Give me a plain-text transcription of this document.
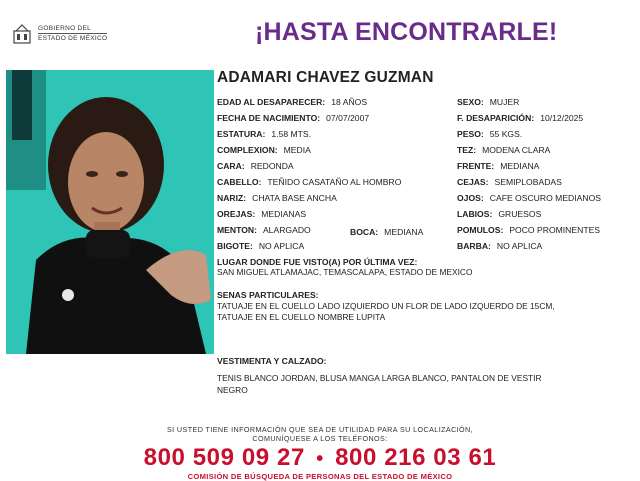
GOBIERNO DEL
ESTADO DE MÉXICO	¡HASTA ENCONTRARLE!
ADAMARI CHAVEZ GUZMAN
EDAD AL DESAPARECER: 18 AÑOS
FECHA DE NACIMIENTO: 07/07/2007
ESTATURA: 1.58 MTS.
COMPLEXION: MEDIA
CARA: REDONDA
CABELLO: TEÑIDO CASATAÑO AL HOMBRO
NARIZ: CHATA BASE ANCHA
OREJAS: MEDIANAS
MENTON: ALARGADO
BIGOTE: NO APLICA
BOCA: MEDIANA
SEXO: MUJER
F. DESAPARICIÓN: 10/12/2025
PESO: 55 KGS.
TEZ: MODENA CLARA
FRENTE: MEDIANA
CEJAS: SEMIPLOBADAS
OJOS: CAFE OSCURO MEDIANOS
LABIOS: GRUESOS
POMULOS: POCO PROMINENTES
BARBA: NO APLICA
LUGAR DONDE FUE VISTO(A) POR ÚLTIMA VEZ:
SAN MIGUEL ATLAMAJAC, TEMASCALAPA, ESTADO DE MEXICO
SENAS PARTICULARES:
TATUAJE EN EL CUELLO LADO IZQUIERDO UN FLOR DE LADO IZQUERDO DE 15CM,
TATUAJE EN EL CUELLO NOMBRE LUPITA
VESTIMENTA Y CALZADO:
TENIS BLANCO JORDAN, BLUSA MANGA LARGA BLANCO, PANTALON DE VESTIR
NEGRO
SI USTED TIENE INFORMACIÓN QUE SEA DE UTILIDAD PARA SU LOCALIZACIÓN,
COMUNÍQUESE A LOS TELÉFONOS:
800 509 09 27 • 800 216 03 61
COMISIÓN DE BÚSQUEDA DE PERSONAS DEL ESTADO DE MÉXICO
